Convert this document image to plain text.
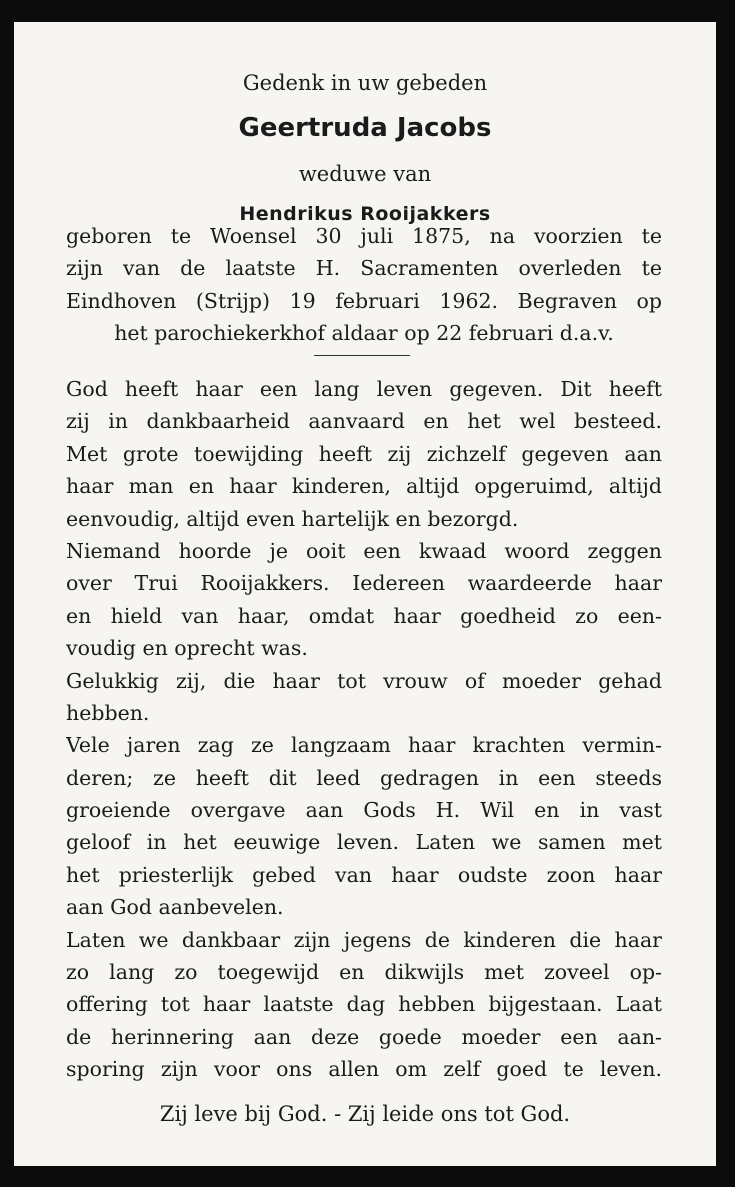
Gedenk in uw gebeden
Geertruda Jacobs
weduwe van
Hendrikus Rooijakkers
geboren te Woensel 30 juli 1875, na voorzien te
zijn van de laatste H. Sacramenten overleden te
Eindhoven (Strijp) 19 februari 1962. Begraven op
het parochiekerkhof aldaar op 22 februari d.a.v.
God heeft haar een lang leven gegeven. Dit heeft
zij in dankbaarheid aanvaard en het wel besteed.
Met grote toewijding heeft zij zichzelf gegeven aan
haar man en haar kinderen, altijd opgeruimd, altijd
eenvoudig, altijd even hartelijk en bezorgd.
Niemand hoorde je ooit een kwaad woord zeggen
over Trui Rooijakkers. Iedereen waardeerde haar
en hield van haar, omdat haar goedheid zo een-
voudig en oprecht was.
Gelukkig zij, die haar tot vrouw of moeder gehad
hebben.
Vele jaren zag ze langzaam haar krachten vermin-
deren; ze heeft dit leed gedragen in een steeds
groeiende overgave aan Gods H. Wil en in vast
geloof in het eeuwige leven. Laten we samen met
het priesterlijk gebed van haar oudste zoon haar
aan God aanbevelen.
Laten we dankbaar zijn jegens de kinderen die haar
zo lang zo toegewijd en dikwijls met zoveel op-
offering tot haar laatste dag hebben bijgestaan. Laat
de herinnering aan deze goede moeder een aan-
sporing zijn voor ons allen om zelf goed te leven.
Zij leve bij God. - Zij leide ons tot God.
